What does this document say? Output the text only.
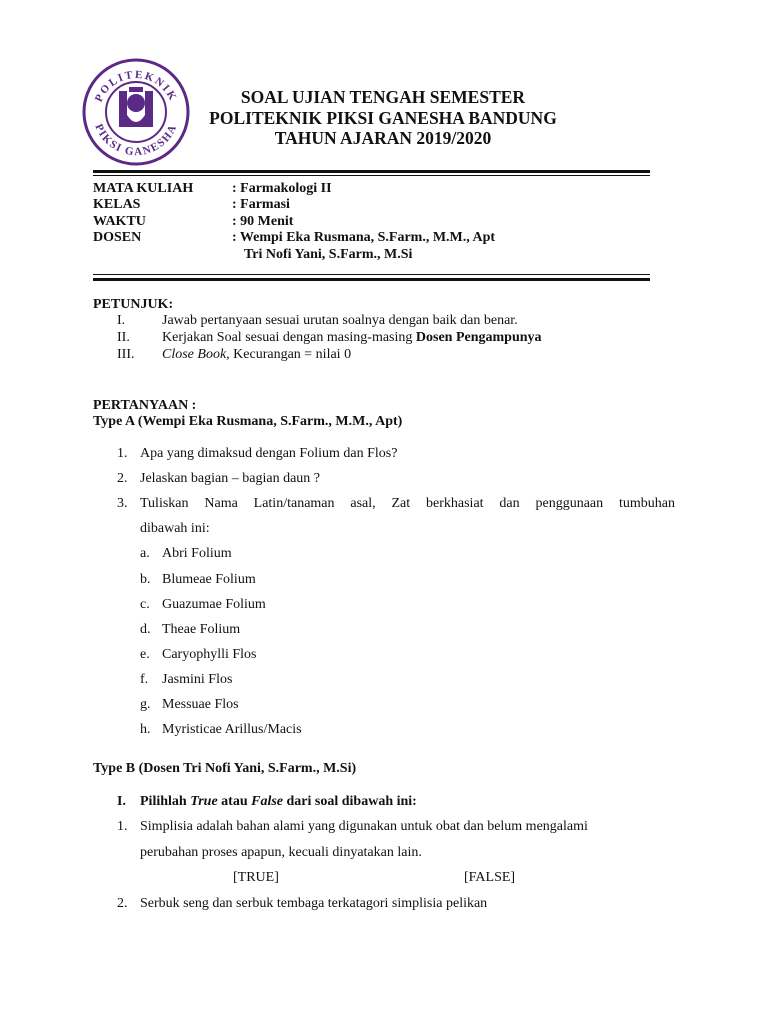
POLITEKNIK
PIKSI GANESHA
SOAL UJIAN TENGAH SEMESTER
POLITEKNIK PIKSI GANESHA BANDUNG
TAHUN AJARAN 2019/2020
MATA KULIAH	: Farmakologi II
KELAS	: Farmasi
WAKTU	: 90 Menit
DOSEN	: Wempi Eka Rusmana, S.Farm., M.M., Apt
Tri Nofi Yani, S.Farm., M.Si
PETUNJUK:
I.	Jawab pertanyaan sesuai urutan soalnya dengan baik dan benar.
II. Kerjakan Soal sesuai dengan masing-masing Dosen Pengampunya
III. Close Book, Kecurangan = nilai 0
PERTANYAAN :
Type A (Wempi Eka Rusmana, S.Farm., M.M., Apt)
1. Apa yang dimaksud dengan Folium dan Flos?
2. Jelaskan bagian – bagian daun ?
3. Tuliskan Nama Latin/tanaman asal, Zat berkhasiat dan penggunaan tumbuhan
dibawah ini:
a. Abri Folium
b. Blumeae Folium
c. Guazumae Folium
d. Theae Folium
e. Caryophylli Flos
f. Jasmini Flos
g. Messuae Flos
h. Myristicae Arillus/Macis
Type B (Dosen Tri Nofi Yani, S.Farm., M.Si)
I. Pilihlah True atau False dari soal dibawah ini:
1. Simplisia adalah bahan alami yang digunakan untuk obat dan belum mengalami
perubahan proses apapun, kecuali dinyatakan lain.
[TRUE]	[FALSE]
2. Serbuk seng dan serbuk tembaga terkatagori simplisia pelikan
